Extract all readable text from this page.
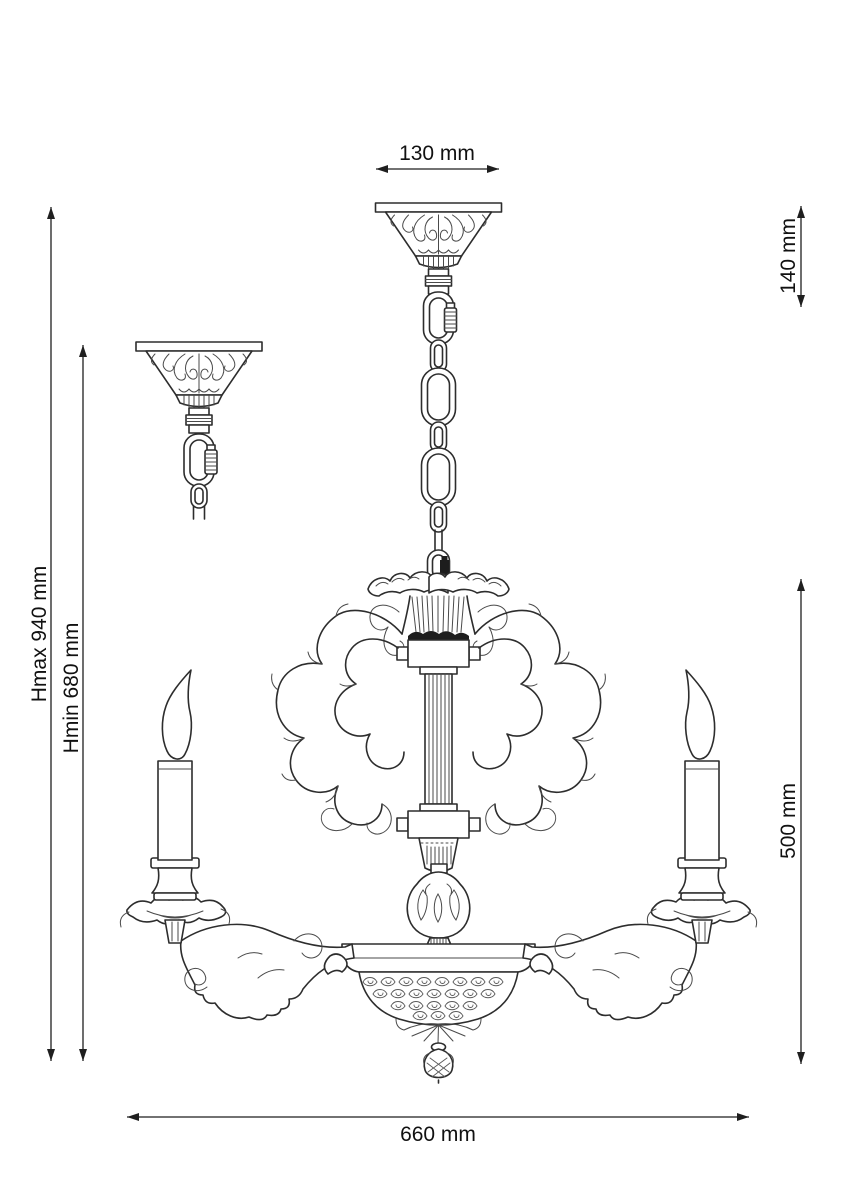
130 mm
140 mm
Hmax 940 mm Hmin 680 mm
500 mm
660 mm
